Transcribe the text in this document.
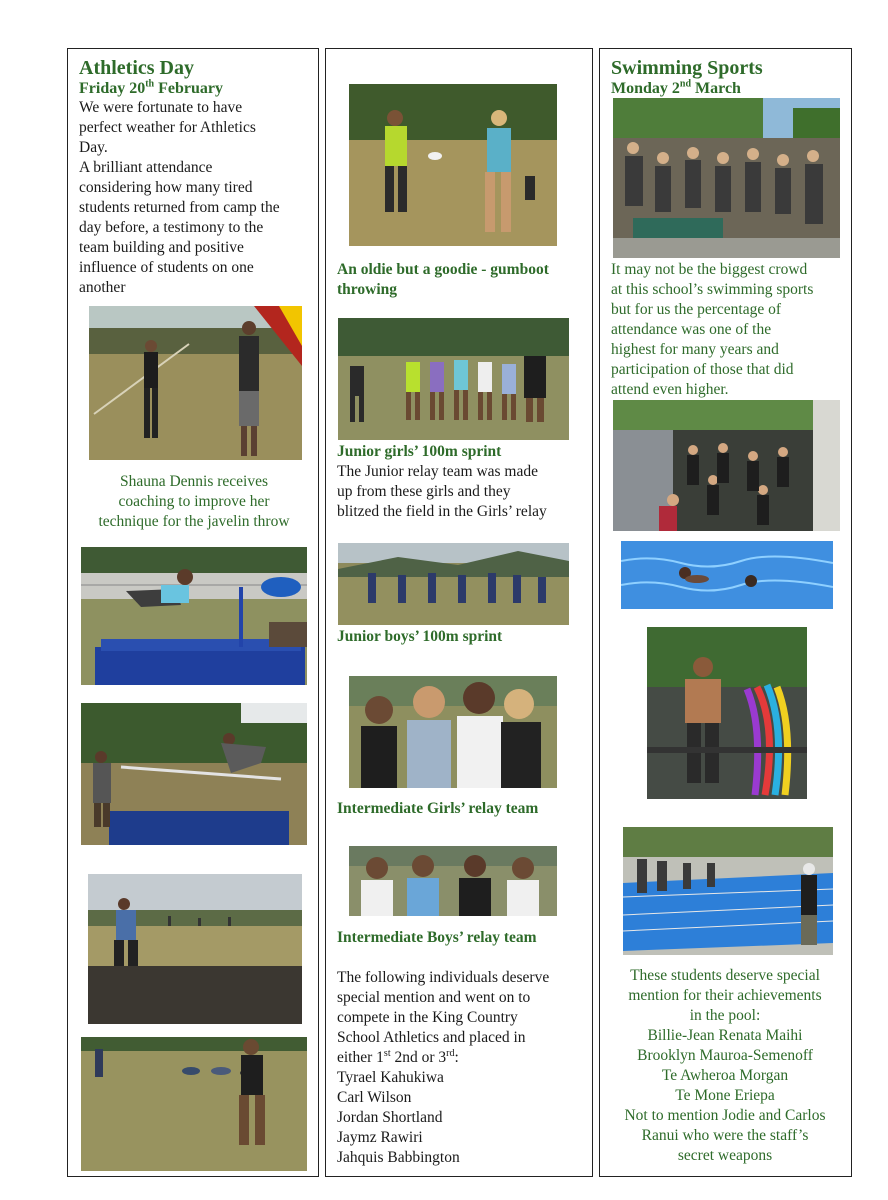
Athletics Day
Friday 20th February
We were fortunate to have
perfect weather for Athletics
Day.
A brilliant attendance
considering how many tired
students returned from camp the
day before, a testimony to the
team building and positive
influence of students on one
another
Shauna Dennis receives
coaching to improve her
technique for the javelin throw
An oldie but a goodie - gumboot
throwing
Junior girls’ 100m sprint
The Junior relay team was made
up from these girls and they
blitzed the field in the Girls’ relay
Junior boys’ 100m sprint
Intermediate Girls’ relay team
Intermediate Boys’ relay team
The following individuals deserve
special mention and went on to
compete in the King Country
School Athletics and placed in
either 1st 2nd or 3rd:
Tyrael Kahukiwa
Carl Wilson
Jordan Shortland
Jaymz Rawiri
Jahquis Babbington
Swimming Sports
Monday 2nd March
It may not be the biggest crowd
at this school’s swimming sports
but for us the percentage of
attendance was one of the
highest for many years and
participation of those that did
attend even higher.
These students deserve special
mention for their achievements
in the pool:
Billie-Jean Renata Maihi
Brooklyn Mauroa-Semenoff
Te Awheroa Morgan
Te Mone Eriepa
Not to mention Jodie and Carlos
Ranui who were the staff’s
secret weapons
